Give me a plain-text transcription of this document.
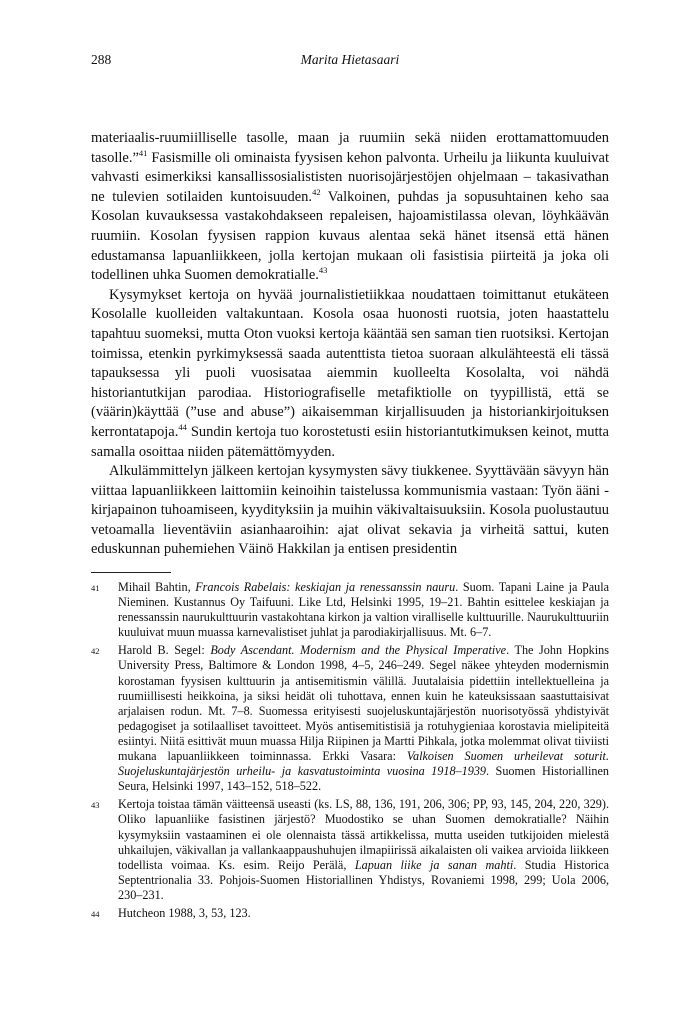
288	Marita Hietasaari

materiaalis-ruumiilliselle tasolle, maan ja ruumiin sekä niiden erottamattomuuden tasolle.”$^{41}$ Fasismille oli ominaista fyysisen kehon palvonta. Urheilu ja liikunta kuuluivat vahvasti esimerkiksi kansallissosialististen nuorisojärjestöjen ohjelmaan – takasivathan ne tulevien sotilaiden kuntoisuuden.$^{42}$ Valkoinen, puhdas ja sopusuhtainen keho saa Kosolan kuvauksessa vastakohdakseen repaleisen, hajoamistilassa olevan, löyhkäävän ruumiin. Kosolan fyysisen rappion kuvaus alentaa sekä hänet itsensä että hänen edustamansa lapuanliikkeen, jolla kertojan mukaan oli fasistisia piirteitä ja joka oli todellinen uhka Suomen demokratialle.$^{43}$

Kysymykset kertoja on hyvää journalistietiikkaa noudattaen toimittanut etukäteen Kosolalle kuolleiden valtakuntaan. Kosola osaa huonosti ruotsia, joten haastattelu tapahtuu suomeksi, mutta Oton vuoksi kertoja kääntää sen saman tien ruotsiksi. Kertojan toimissa, etenkin pyrkimyksessä saada autenttista tietoa suoraan alkulähteestä eli tässä tapauksessa yli puoli vuosisataa aiemmin kuolleelta Kosolalta, voi nähdä historiantutkijan parodiaa. Historiografiselle metafiktiolle on tyypillistä, että se (väärin)käyttää (”use and abuse”) aikaisemman kirjallisuuden ja historiankirjoituksen kerrontatapoja.$^{44}$ Sundin kertoja tuo korostetusti esiin historiantutkimuksen keinot, mutta samalla osoittaa niiden pätemättömyyden.

Alkulämmittelyn jälkeen kertojan kysymysten sävy tiukkenee. Syyttävään sävyyn hän viittaa lapuanliikkeen laittomiin keinoihin taistelussa kommunismia vastaan: Työn ääni -kirjapainon tuhoamiseen, kyydityksiin ja muihin väkivaltaisuuksiin. Kosola puolustautuu vetoamalla lieventäviin asianhaaroihin: ajat olivat sekavia ja virheitä sattui, kuten eduskunnan puhemiehen Väinö Hakkilan ja entisen presidentin

41 Mihail Bahtin, Francois Rabelais: keskiajan ja renessanssin nauru. Suom. Tapani Laine ja Paula Nieminen. Kustannus Oy Taifuuni. Like Ltd, Helsinki 1995, 19–21. Bahtin esittelee keskiajan ja renessanssin naurukulttuurin vastakohtana kirkon ja valtion viralliselle kulttuurille. Naurukulttuuriin kuuluivat muun muassa karnevalistiset juhlat ja parodiakirjallisuus. Mt. 6–7.
42 Harold B. Segel: Body Ascendant. Modernism and the Physical Imperative. The John Hopkins University Press, Baltimore & London 1998, 4–5, 246–249. Segel näkee yhteyden modernismin korostaman fyysisen kulttuurin ja antisemitismin välillä. Juutalaisia pidettiin intellektuelleina ja ruumiillisesti heikkoina, ja siksi heidät oli tuhottava, ennen kuin he kateuksissaan saastuttaisivat arjalaisen rodun. Mt. 7–8. Suomessa erityisesti suojeluskuntajärjestön nuorisotyössä yhdistyivät pedagogiset ja sotilaalliset tavoitteet. Myös antisemitistisiä ja rotuhygieniaa korostavia mielipiteitä esiintyi. Niitä esittivät muun muassa Hilja Riipinen ja Martti Pihkala, jotka molemmat olivat tiiviisti mukana lapuanliikkeen toiminnassa. Erkki Vasara: Valkoisen Suomen urheilevat soturit. Suojeluskuntajärjestön urheilu- ja kasvatustoiminta vuosina 1918–1939. Suomen Historiallinen Seura, Helsinki 1997, 143–152, 518–522.
43 Kertoja toistaa tämän väitteensä useasti (ks. LS, 88, 136, 191, 206, 306; PP, 93, 145, 204, 220, 329). Oliko lapuanliike fasistinen järjestö? Muodostiko se uhan Suomen demokratialle? Näihin kysymyksiin vastaaminen ei ole olennaista tässä artikkelissa, mutta useiden tutkijoiden mielestä uhkailujen, väkivallan ja vallankaappaushuhujen ilmapiirissä aikalaisten oli vaikea arvioida liikkeen todellista voimaa. Ks. esim. Reijo Perälä, Lapuan liike ja sanan mahti. Studia Historica Septentrionalia 33. Pohjois-Suomen Historiallinen Yhdistys, Rovaniemi 1998, 299; Uola 2006, 230–231.
44 Hutcheon 1988, 3, 53, 123.
